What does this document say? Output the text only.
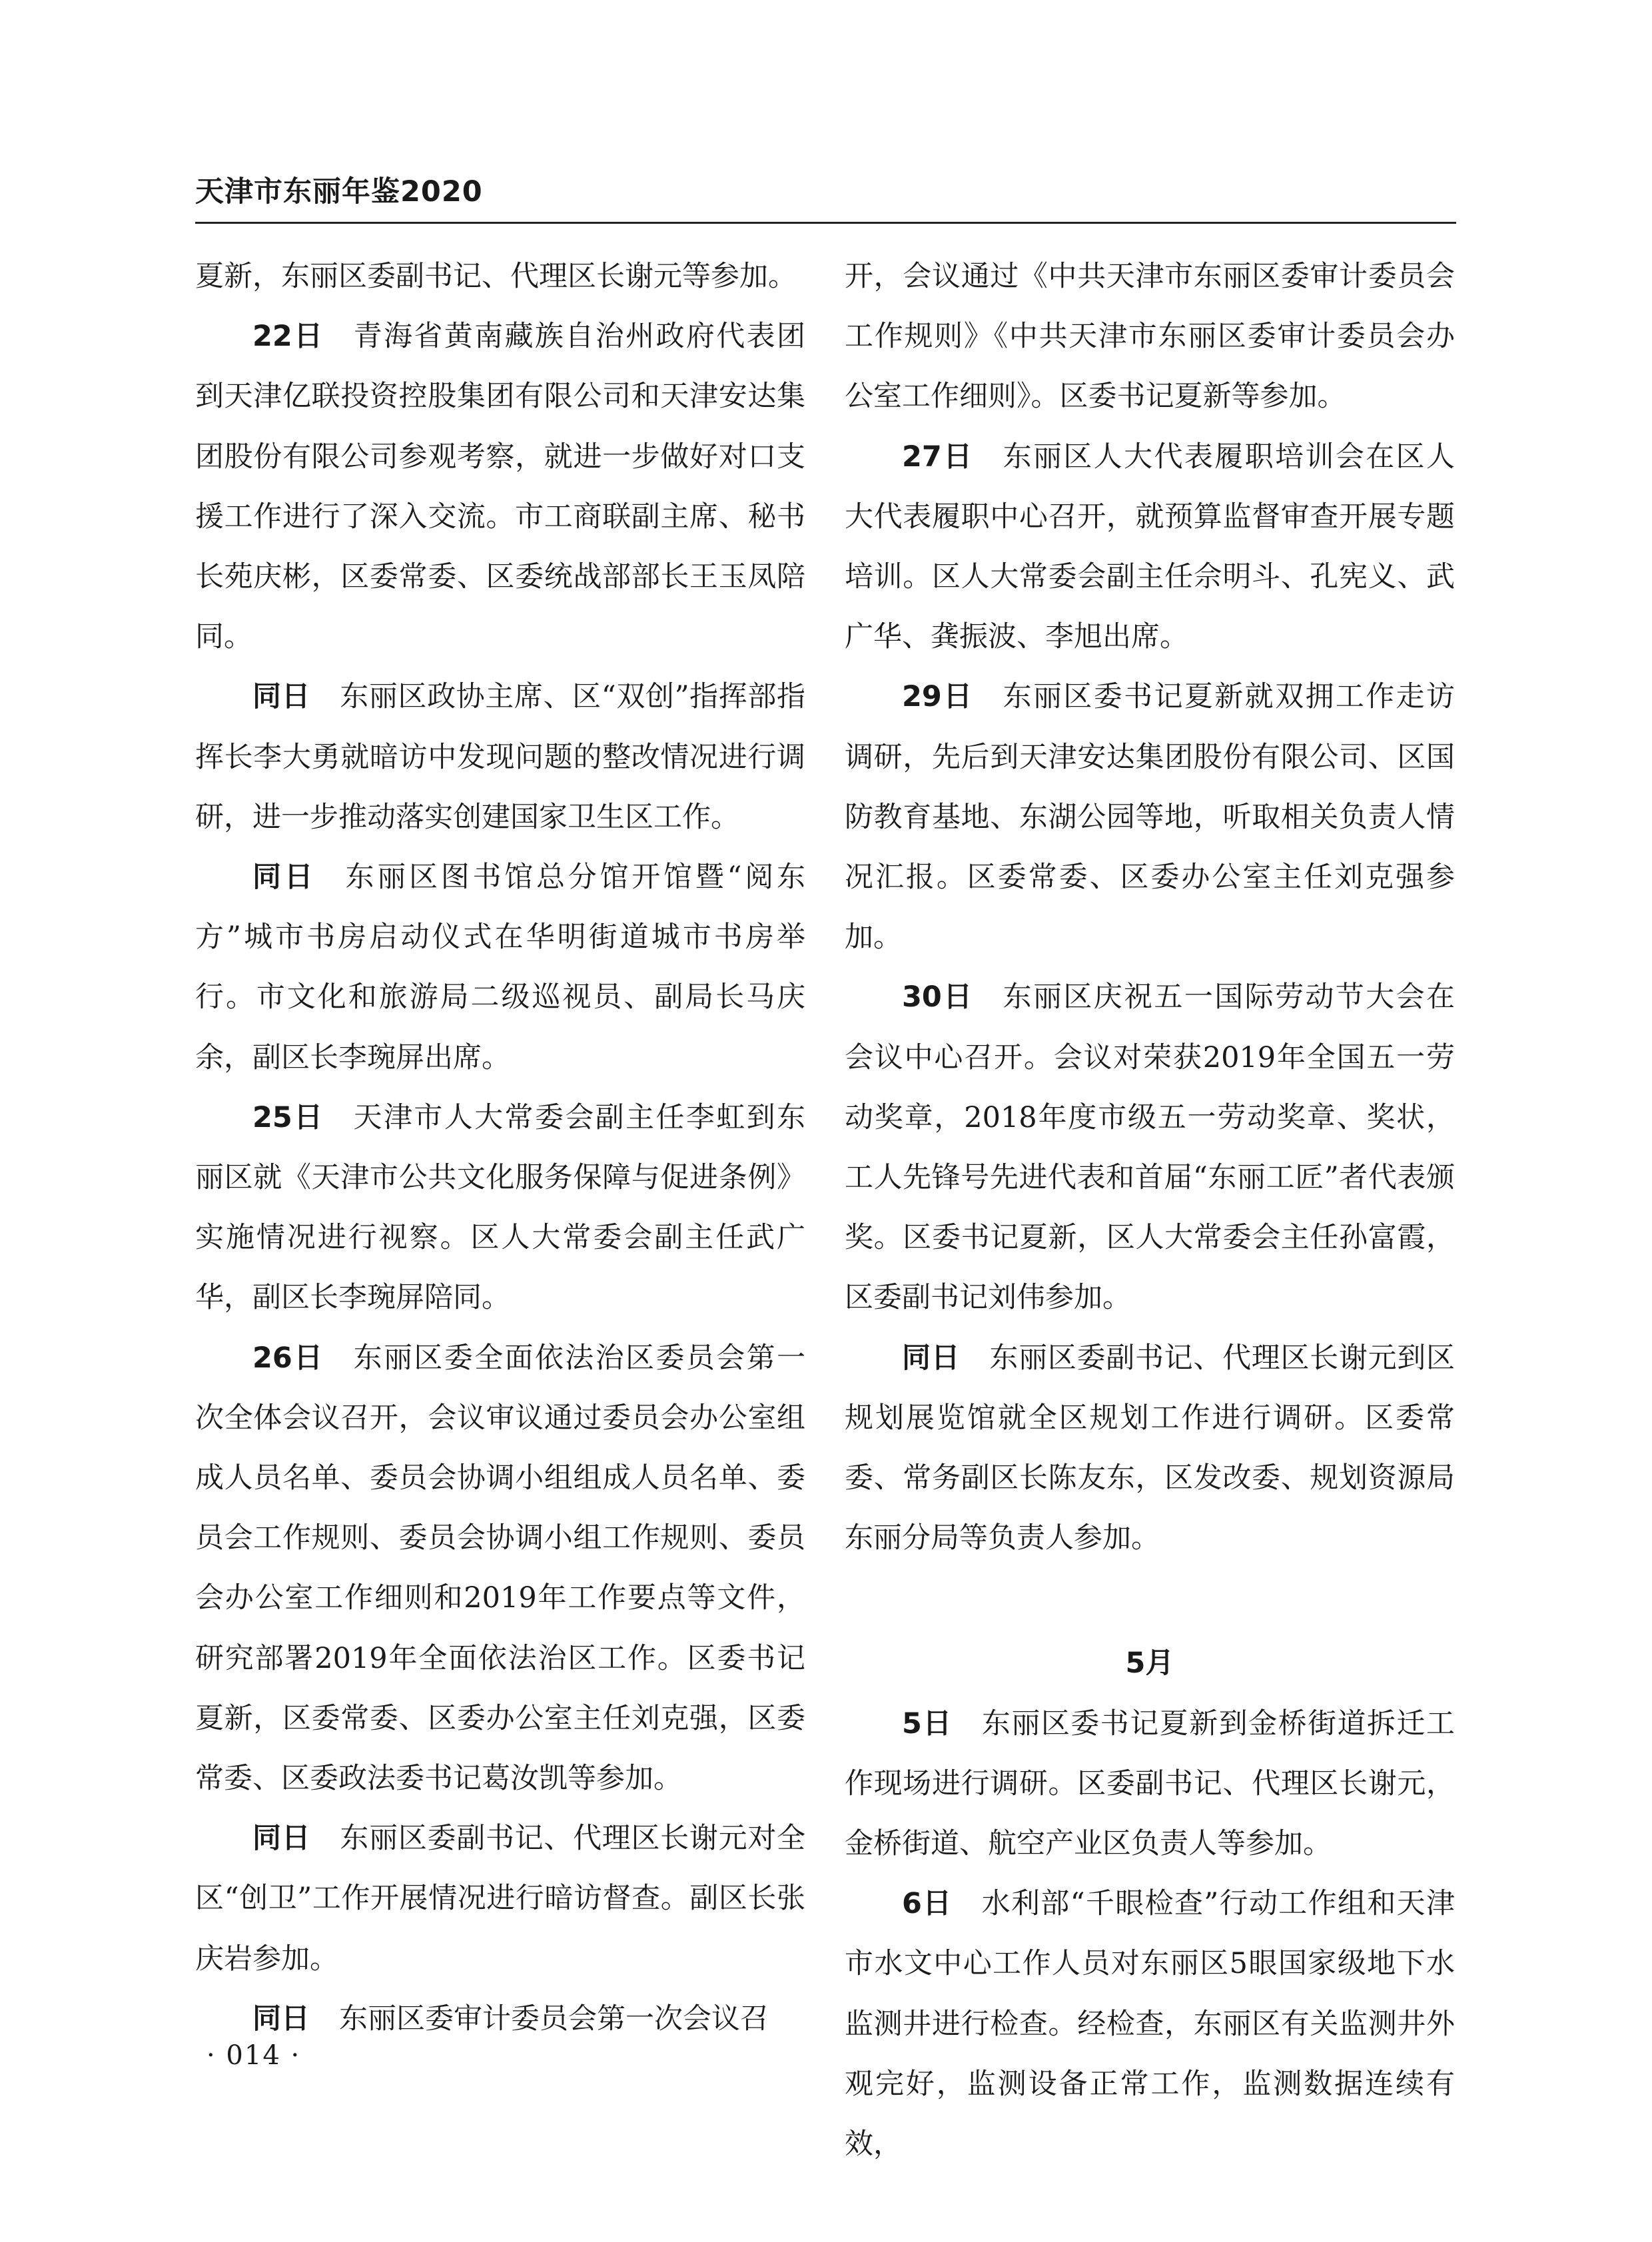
天津市东丽年鉴2020

夏新，东丽区委副书记、代理区长谢元等参加。

22日 青海省黄南藏族自治州政府代表团到天津亿联投资控股集团有限公司和天津安达集团股份有限公司参观考察，就进一步做好对口支援工作进行了深入交流。市工商联副主席、秘书长苑庆彬，区委常委、区委统战部部长王玉凤陪同。

同日 东丽区政协主席、区“双创”指挥部指挥长李大勇就暗访中发现问题的整改情况进行调研，进一步推动落实创建国家卫生区工作。

同日 东丽区图书馆总分馆开馆暨“阅东方”城市书房启动仪式在华明街道城市书房举行。市文化和旅游局二级巡视员、副局长马庆余，副区长李琬屏出席。

25日 天津市人大常委会副主任李虹到东丽区就《天津市公共文化服务保障与促进条例》实施情况进行视察。区人大常委会副主任武广华，副区长李琬屏陪同。

26日 东丽区委全面依法治区委员会第一次全体会议召开，会议审议通过委员会办公室组成人员名单、委员会协调小组组成人员名单、委员会工作规则、委员会协调小组工作规则、委员会办公室工作细则和2019年工作要点等文件，研究部署2019年全面依法治区工作。区委书记夏新，区委常委、区委办公室主任刘克强，区委常委、区委政法委书记葛汝凯等参加。

同日 东丽区委副书记、代理区长谢元对全区“创卫”工作开展情况进行暗访督查。副区长张庆岩参加。

同日 东丽区委审计委员会第一次会议召

开，会议通过《中共天津市东丽区委审计委员会工作规则》《中共天津市东丽区委审计委员会办公室工作细则》。区委书记夏新等参加。

27日 东丽区人大代表履职培训会在区人大代表履职中心召开，就预算监督审查开展专题培训。区人大常委会副主任佘明斗、孔宪义、武广华、龚振波、李旭出席。

29日 东丽区委书记夏新就双拥工作走访调研，先后到天津安达集团股份有限公司、区国防教育基地、东湖公园等地，听取相关负责人情况汇报。区委常委、区委办公室主任刘克强参加。

30日 东丽区庆祝五一国际劳动节大会在会议中心召开。会议对荣获2019年全国五一劳动奖章，2018年度市级五一劳动奖章、奖状，工人先锋号先进代表和首届“东丽工匠”者代表颁奖。区委书记夏新，区人大常委会主任孙富霞，区委副书记刘伟参加。

同日 东丽区委副书记、代理区长谢元到区规划展览馆就全区规划工作进行调研。区委常委、常务副区长陈友东，区发改委、规划资源局东丽分局等负责人参加。

5月

5日 东丽区委书记夏新到金桥街道拆迁工作现场进行调研。区委副书记、代理区长谢元，金桥街道、航空产业区负责人等参加。

6日 水利部“千眼检查”行动工作组和天津市水文中心工作人员对东丽区5眼国家级地下水监测井进行检查。经检查，东丽区有关监测井外观完好，监测设备正常工作，监测数据连续有效，

· 014 ·
